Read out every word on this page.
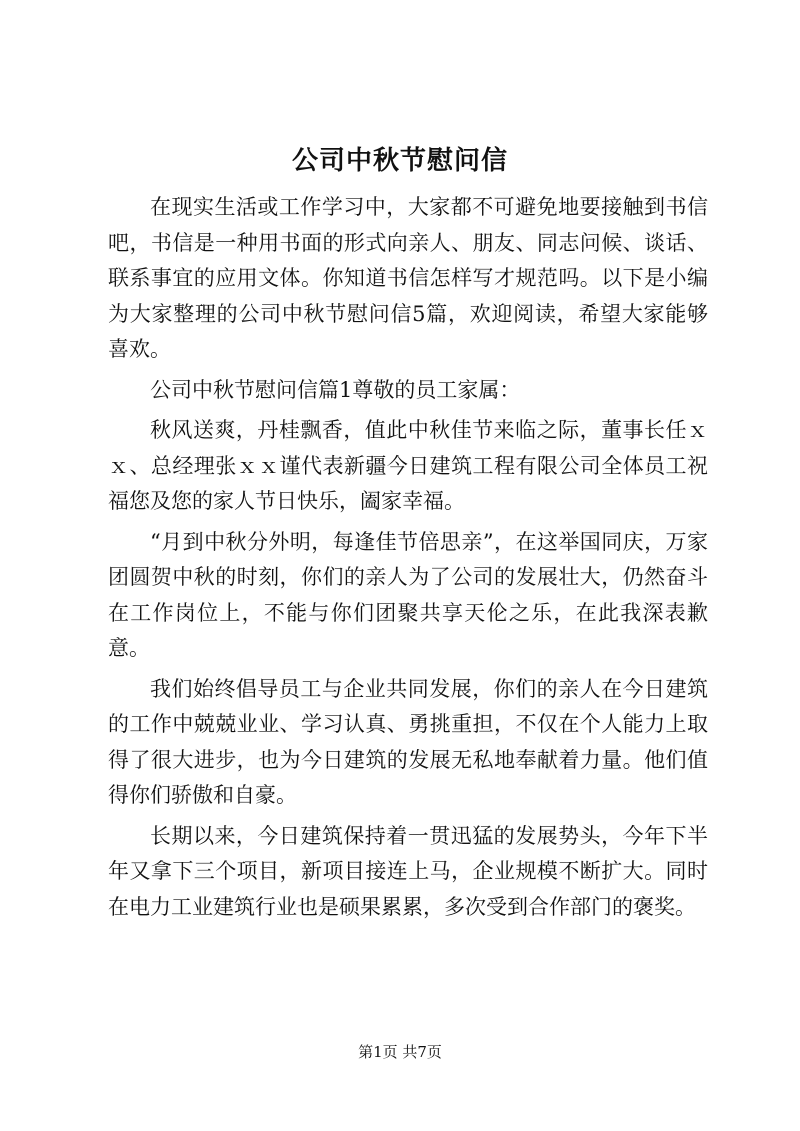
公司中秋节慰问信

在现实生活或工作学习中，大家都不可避免地要接触到书信吧，书信是一种用书面的形式向亲人、朋友、同志问候、谈话、联系事宜的应用文体。你知道书信怎样写才规范吗。以下是小编为大家整理的公司中秋节慰问信5篇，欢迎阅读，希望大家能够喜欢。

公司中秋节慰问信篇1尊敬的员工家属：

秋风送爽，丹桂飘香，值此中秋佳节来临之际，董事长任ｘｘ、总经理张ｘｘ谨代表新疆今日建筑工程有限公司全体员工祝福您及您的家人节日快乐，阖家幸福。

“月到中秋分外明，每逢佳节倍思亲”，在这举国同庆，万家团圆贺中秋的时刻，你们的亲人为了公司的发展壮大，仍然奋斗在工作岗位上，不能与你们团聚共享天伦之乐，在此我深表歉意。

我们始终倡导员工与企业共同发展，你们的亲人在今日建筑的工作中兢兢业业、学习认真、勇挑重担，不仅在个人能力上取得了很大进步，也为今日建筑的发展无私地奉献着力量。他们值得你们骄傲和自豪。

长期以来，今日建筑保持着一贯迅猛的发展势头，今年下半年又拿下三个项目，新项目接连上马，企业规模不断扩大。同时在电力工业建筑行业也是硕果累累，多次受到合作部门的褒奖。

第1页 共7页
